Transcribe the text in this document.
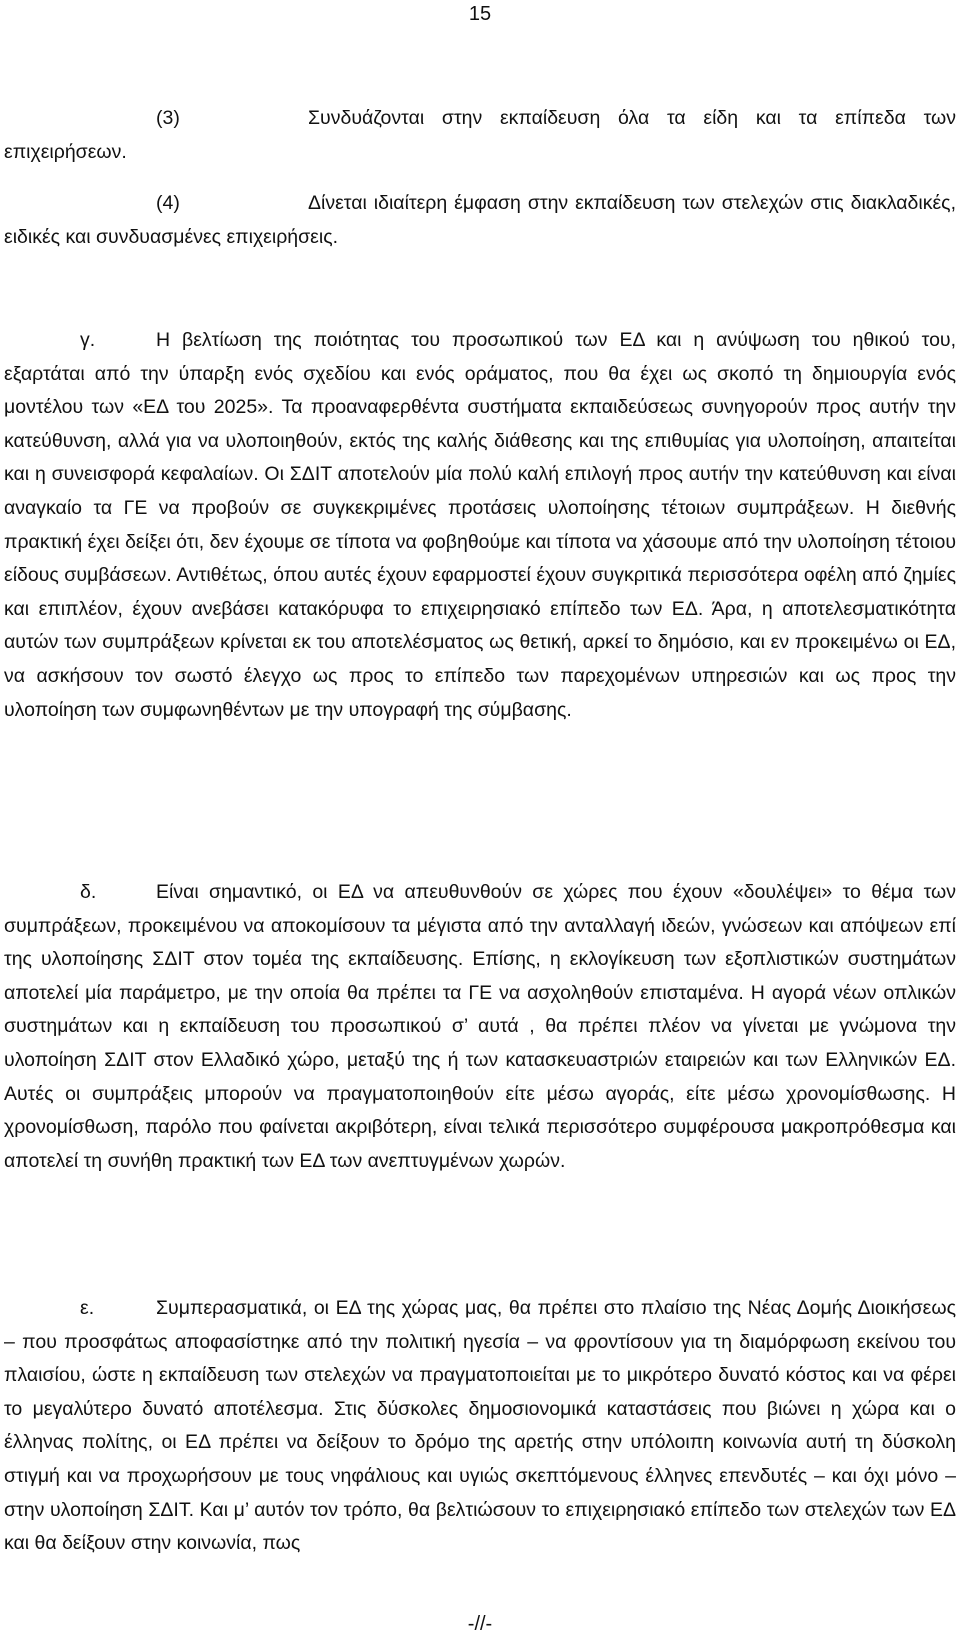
15

(3)	Συνδυάζονται στην εκπαίδευση όλα τα είδη και τα επίπεδα των επιχειρήσεων.

(4)	Δίνεται ιδιαίτερη έμφαση στην εκπαίδευση των στελεχών στις διακλαδικές, ειδικές και συνδυασμένες επιχειρήσεις.

γ.	Η βελτίωση της ποιότητας του προσωπικού των ΕΔ και η ανύψωση του ηθικού του, εξαρτάται από την ύπαρξη ενός σχεδίου και ενός οράματος, που θα έχει ως σκοπό τη δημιουργία ενός μοντέλου των «ΕΔ του 2025». Τα προαναφερθέντα συστήματα εκπαιδεύσεως συνηγορούν προς αυτήν την κατεύθυνση, αλλά για να υλοποιηθούν, εκτός της καλής διάθεσης και της επιθυμίας για υλοποίηση, απαιτείται και η συνεισφορά κεφαλαίων. Οι ΣΔΙΤ αποτελούν μία πολύ καλή επιλογή προς αυτήν την κατεύθυνση και είναι αναγκαίο τα ΓΕ να προβούν σε συγκεκριμένες προτάσεις υλοποίησης τέτοιων συμπράξεων. Η διεθνής πρακτική έχει δείξει ότι, δεν έχουμε σε τίποτα να φοβηθούμε και τίποτα να χάσουμε από την υλοποίηση τέτοιου είδους συμβάσεων. Αντιθέτως, όπου αυτές έχουν εφαρμοστεί έχουν συγκριτικά περισσότερα οφέλη από ζημίες και επιπλέον, έχουν ανεβάσει κατακόρυφα το επιχειρησιακό επίπεδο των ΕΔ. Άρα, η αποτελεσματικότητα αυτών των συμπράξεων κρίνεται εκ του αποτελέσματος ως θετική, αρκεί το δημόσιο, και εν προκειμένω οι ΕΔ, να ασκήσουν τον σωστό έλεγχο ως προς το επίπεδο των παρεχομένων υπηρεσιών και ως προς την υλοποίηση των συμφωνηθέντων με την υπογραφή της σύμβασης.

δ.	Είναι σημαντικό, οι ΕΔ να απευθυνθούν σε χώρες που έχουν «δουλέψει» το θέμα των συμπράξεων, προκειμένου να αποκομίσουν τα μέγιστα από την ανταλλαγή ιδεών, γνώσεων και απόψεων επί της υλοποίησης ΣΔΙΤ στον τομέα της εκπαίδευσης. Επίσης, η εκλογίκευση των εξοπλιστικών συστημάτων αποτελεί μία παράμετρο, με την οποία θα πρέπει τα ΓΕ να ασχοληθούν επισταμένα. Η αγορά νέων οπλικών συστημάτων και η εκπαίδευση του προσωπικού σ’ αυτά , θα πρέπει πλέον να γίνεται με γνώμονα την υλοποίηση ΣΔΙΤ στον Ελλαδικό χώρο, μεταξύ της ή των κατασκευαστριών εταιρειών και των Ελληνικών ΕΔ. Αυτές οι συμπράξεις μπορούν να πραγματοποιηθούν είτε μέσω αγοράς, είτε μέσω χρονομίσθωσης. Η χρονομίσθωση, παρόλο που φαίνεται ακριβότερη, είναι τελικά περισσότερο συμφέρουσα μακροπρόθεσμα και αποτελεί τη συνήθη πρακτική των ΕΔ των ανεπτυγμένων χωρών.

ε.	Συμπερασματικά, οι ΕΔ της χώρας μας, θα πρέπει στο πλαίσιο της Νέας Δομής Διοικήσεως – που προσφάτως αποφασίστηκε από την πολιτική ηγεσία – να φροντίσουν για τη διαμόρφωση εκείνου του πλαισίου, ώστε η εκπαίδευση των στελεχών να πραγματοποιείται με το μικρότερο δυνατό κόστος και να φέρει το μεγαλύτερο δυνατό αποτέλεσμα. Στις δύσκολες δημοσιονομικά καταστάσεις που βιώνει η χώρα και ο έλληνας πολίτης, οι ΕΔ πρέπει να δείξουν το δρόμο της αρετής στην υπόλοιπη κοινωνία αυτή τη δύσκολη στιγμή και να προχωρήσουν με τους νηφάλιους και υγιώς σκεπτόμενους έλληνες επενδυτές – και όχι μόνο –στην υλοποίηση ΣΔΙΤ. Και μ’ αυτόν τον τρόπο, θα βελτιώσουν το επιχειρησιακό επίπεδο των στελεχών των ΕΔ και θα δείξουν στην κοινωνία, πως

-//-
